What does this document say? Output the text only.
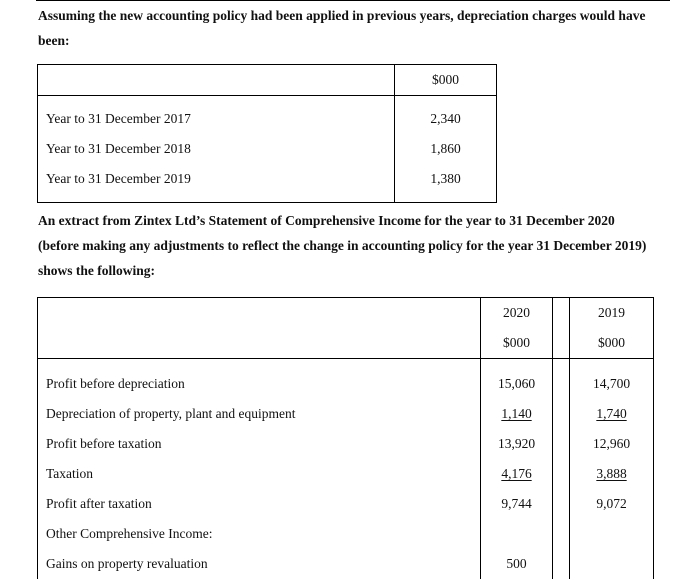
Assuming the new accounting policy had been applied in previous years, depreciation charges would have been:

	$000

Year to 31 December 2017	2,340
Year to 31 December 2018	1,860
Year to 31 December 2019	1,380

An extract from Zintex Ltd’s Statement of Comprehensive Income for the year to 31 December 2020 (before making any adjustments to reflect the change in accounting policy for the year 31 December 2019) shows the following:

	2020		2019
	$000		$000

Profit before depreciation	15,060		14,700
Depreciation of property, plant and equipment	1,140		1,740
Profit before taxation	13,920		12,960
Taxation	4,176		3,888
Profit after taxation	9,744		9,072
Other Comprehensive Income:			
Gains on property revaluation	500		
